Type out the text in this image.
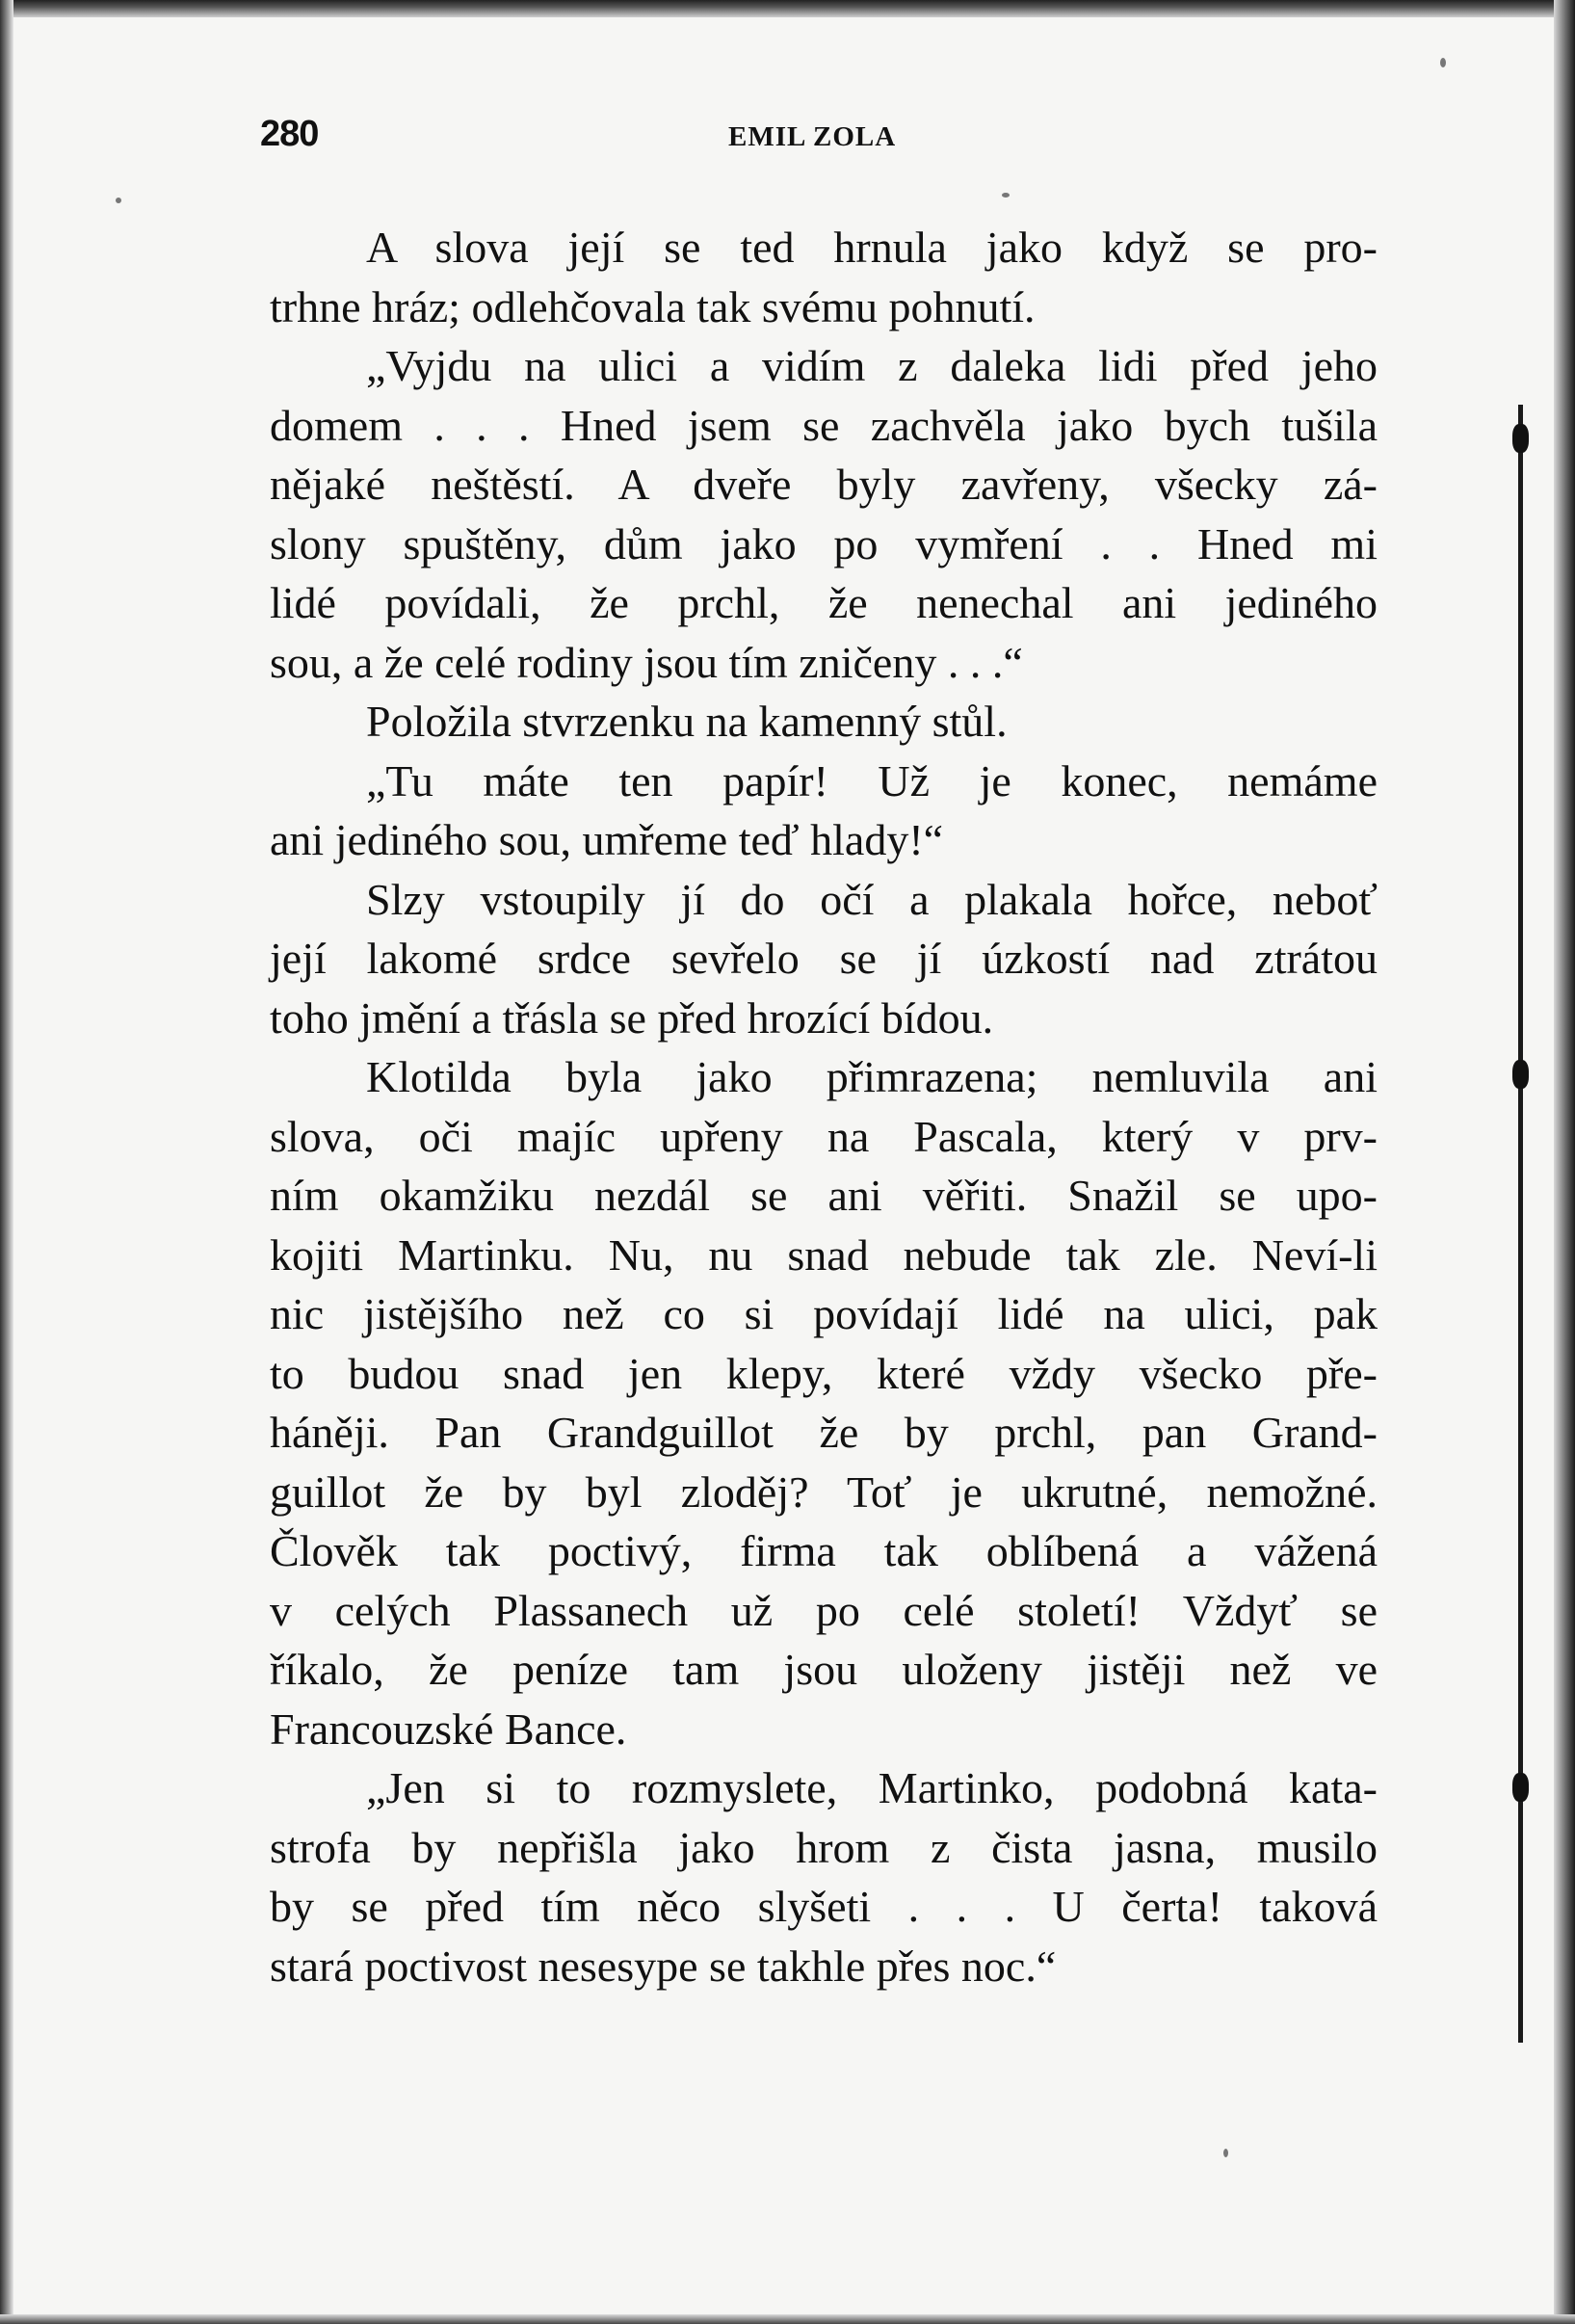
280	EMIL ZOLA
A slova její se ted hrnula jako když se pro-
trhne hráz; odlehčovala tak svému pohnutí.
„Vyjdu na ulici a vidím z daleka lidi před jeho
domem . . . Hned jsem se zachvěla jako bych tušila
nějaké neštěstí. A dveře byly zavřeny, všecky zá-
slony spuštěny, dům jako po vymření . . Hned mi
lidé povídali, že prchl, že nenechal ani jediného
sou, a že celé rodiny jsou tím zničeny . . .“
Položila stvrzenku na kamenný stůl.
„Tu máte ten papír! Už je konec, nemáme
ani jediného sou, umřeme teď hlady!“
Slzy vstoupily jí do očí a plakala hořce, neboť
její lakomé srdce sevřelo se jí úzkostí nad ztrátou
toho jmění a třásla se před hrozící bídou.
Klotilda byla jako přimrazena; nemluvila ani
slova, oči majíc upřeny na Pascala, který v prv-
ním okamžiku nezdál se ani věřiti. Snažil se upo-
kojiti Martinku. Nu, nu snad nebude tak zle. Neví-li
nic jistějšího než co si povídají lidé na ulici, pak
to budou snad jen klepy, které vždy všecko pře-
háněji. Pan Grandguillot že by prchl, pan Grand-
guillot že by byl zloděj? Toť je ukrutné, nemožné.
Člověk tak poctivý, firma tak oblíbená a vážená
v celých Plassanech už po celé století! Vždyť se
říkalo, že peníze tam jsou uloženy jistěji než ve
Francouzské Bance.
„Jen si to rozmyslete, Martinko, podobná kata-
strofa by nepřišla jako hrom z čista jasna, musilo
by se před tím něco slyšeti . . . U čerta! taková
stará poctivost nesesype se takhle přes noc.“
